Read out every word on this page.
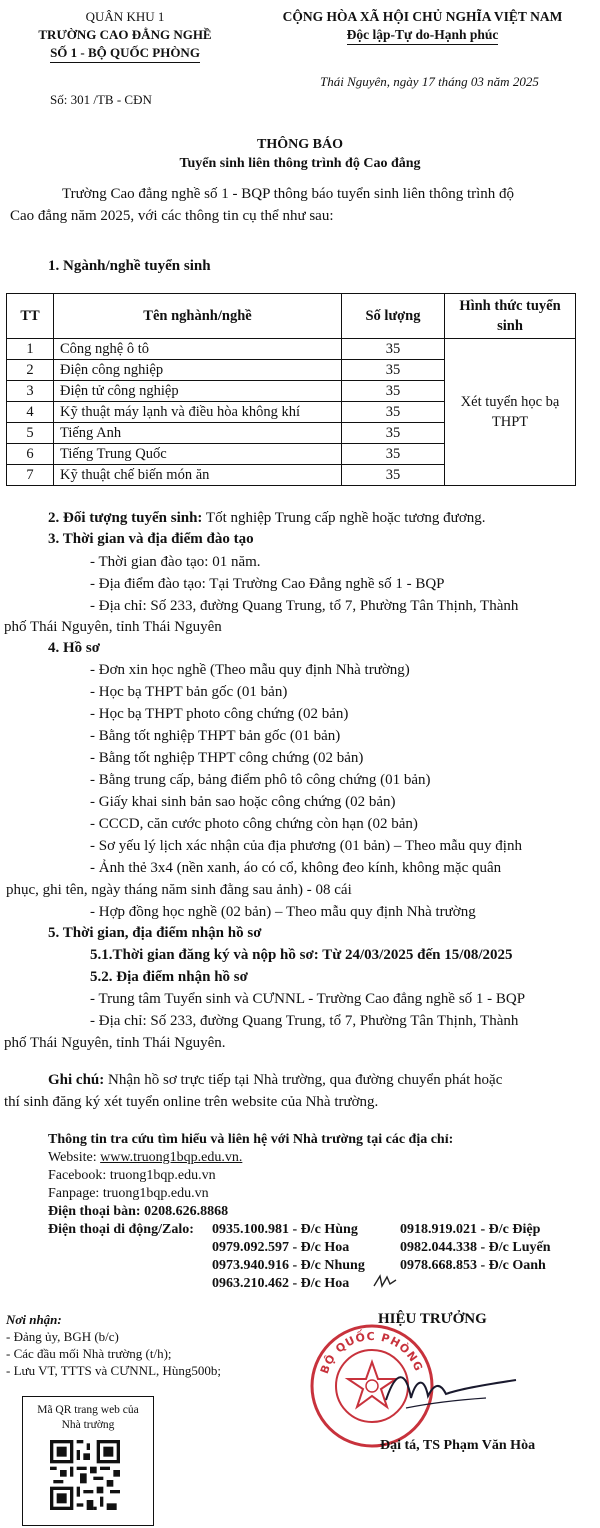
QUÂN KHU 1
TRƯỜNG CAO ĐẲNG NGHỀ
SỐ 1 - BỘ QUỐC PHÒNG
Số: 301 /TB - CĐN
CỘNG HÒA XÃ HỘI CHỦ NGHĨA VIỆT NAM
Độc lập-Tự do-Hạnh phúc
Thái Nguyên, ngày 17 tháng 03 năm 2025
THÔNG BÁO
Tuyển sinh liên thông trình độ Cao đẳng
Trường Cao đẳng nghề số 1 - BQP thông báo tuyển sinh liên thông trình độ
Cao đẳng năm 2025, với các thông tin cụ thể như sau:
1. Ngành/nghề tuyển sinh
TT	Tên nghành/nghề	Số lượng	Hình thức tuyển sinh
1	Công nghệ ô tô	35	Xét tuyển học bạ THPT
2	Điện công nghiệp	35	
3	Điện tử công nghiệp	35	
4	Kỹ thuật máy lạnh và điều hòa không khí	35	
5	Tiếng Anh	35	
6	Tiếng Trung Quốc	35	
7	Kỹ thuật chế biến món ăn	35	
2. Đối tượng tuyển sinh: Tốt nghiệp Trung cấp nghề hoặc tương đương.
3. Thời gian và địa điểm đào tạo
- Thời gian đào tạo: 01 năm.
- Địa điểm đào tạo: Tại Trường Cao Đẳng nghề số 1 - BQP
- Địa chỉ: Số 233, đường Quang Trung, tổ 7, Phường Tân Thịnh, Thành
phố Thái Nguyên, tỉnh Thái Nguyên
4. Hồ sơ
- Đơn xin học nghề (Theo mẫu quy định Nhà trường)
- Học bạ THPT bản gốc (01 bản)
- Học bạ THPT photo công chứng (02 bản)
- Bằng tốt nghiệp THPT bản gốc (01 bản)
- Bằng tốt nghiệp THPT công chứng (02 bản)
- Bằng trung cấp, bảng điểm phô tô công chứng (01 bản)
- Giấy khai sinh bản sao hoặc công chứng (02 bản)
- CCCD, căn cước photo công chứng còn hạn (02 bản)
- Sơ yếu lý lịch xác nhận của địa phương (01 bản) – Theo mẫu quy định
- Ảnh thẻ 3x4 (nền xanh, áo có cổ, không đeo kính, không mặc quân
phục, ghi tên, ngày tháng năm sinh đằng sau ảnh) - 08 cái
- Hợp đồng học nghề (02 bản) – Theo mẫu quy định Nhà trường
5. Thời gian, địa điểm nhận hồ sơ
5.1.Thời gian đăng ký và nộp hồ sơ: Từ 24/03/2025 đến 15/08/2025
5.2. Địa điểm nhận hồ sơ
- Trung tâm Tuyển sinh và CƯNNL - Trường Cao đẳng nghề số 1 - BQP
- Địa chỉ: Số 233, đường Quang Trung, tổ 7, Phường Tân Thịnh, Thành
phố Thái Nguyên, tỉnh Thái Nguyên.
Ghi chú: Nhận hồ sơ trực tiếp tại Nhà trường, qua đường chuyển phát hoặc
thí sinh đăng ký xét tuyển online trên website của Nhà trường.
Thông tin tra cứu tìm hiểu và liên hệ với Nhà trường tại các địa chỉ:
Website: www.truong1bqp.edu.vn.
Facebook: truong1bqp.edu.vn
Fanpage: truong1bqp.edu.vn
Điện thoại bàn: 0208.626.8868
Điện thoại di động/Zalo: 0935.100.981 - Đ/c Hùng	0918.919.021 - Đ/c Điệp
0979.092.597 - Đ/c Hoa	0982.044.338 - Đ/c Luyến
0973.940.916 - Đ/c Nhung	0978.668.853 - Đ/c Oanh
0963.210.462 - Đ/c Hoa
Nơi nhận:
- Đảng ủy, BGH (b/c)
- Các đầu mối Nhà trường (t/h);
- Lưu VT, TTTS và CƯNNL, Hùng500b;
Mã QR trang web của
Nhà trường
HIỆU TRƯỞNG
BỘ QUỐC PHÒNG
Đại tá, TS Phạm Văn Hòa
